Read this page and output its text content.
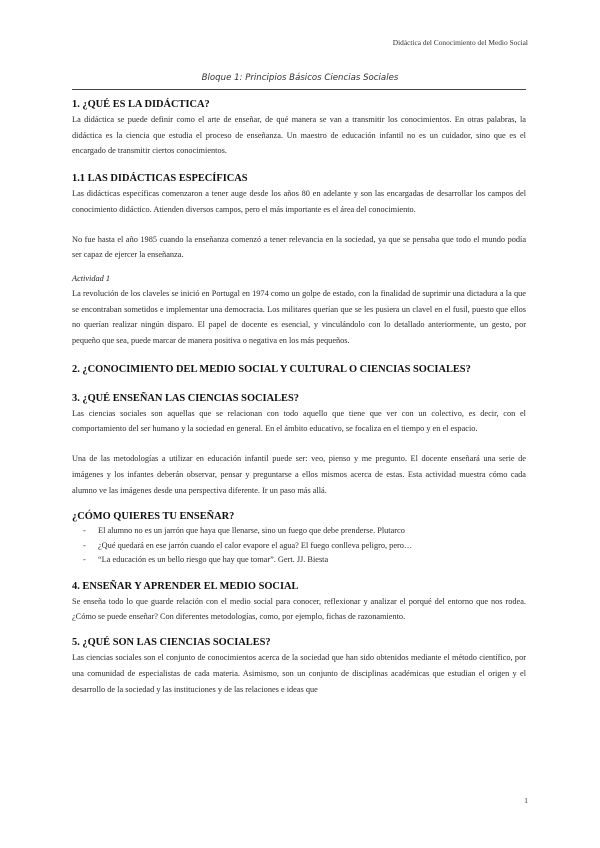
Didáctica del Conocimiento del Medio Social
Bloque 1: Principios Básicos Ciencias Sociales
1. ¿QUÉ ES LA DIDÁCTICA?

La didáctica se puede definir como el arte de enseñar, de qué manera se van a transmitir los conocimientos. En otras palabras, la didáctica es la ciencia que estudia el proceso de enseñanza. Un maestro de educación infantil no es un cuidador, sino que es el encargado de transmitir ciertos conocimientos.

1.1 LAS DIDÁCTICAS ESPECÍFICAS

Las didácticas específicas comenzaron a tener auge desde los años 80 en adelante y son las encargadas de desarrollar los campos del conocimiento didáctico. Atienden diversos campos, pero el más importante es el área del conocimiento.

No fue hasta el año 1985 cuando la enseñanza comenzó a tener relevancia en la sociedad, ya que se pensaba que todo el mundo podía ser capaz de ejercer la enseñanza.

Actividad 1

La revolución de los claveles se inició en Portugal en 1974 como un golpe de estado, con la finalidad de suprimir una dictadura a la que se encontraban sometidos e implementar una democracia. Los militares querían que se les pusiera un clavel en el fusil, puesto que ellos no querían realizar ningún disparo. El papel de docente es esencial, y vinculándolo con lo detallado anteriormente, un gesto, por pequeño que sea, puede marcar de manera positiva o negativa en los más pequeños.

2. ¿CONOCIMIENTO DEL MEDIO SOCIAL Y CULTURAL O CIENCIAS SOCIALES?
3. ¿QUÉ ENSEÑAN LAS CIENCIAS SOCIALES?

Las ciencias sociales son aquellas que se relacionan con todo aquello que tiene que ver con un colectivo, es decir, con el comportamiento del ser humano y la sociedad en general. En el ámbito educativo, se focaliza en el tiempo y en el espacio.

Una de las metodologías a utilizar en educación infantil puede ser: veo, pienso y me pregunto. El docente enseñará una serie de imágenes y los infantes deberán observar, pensar y preguntarse a ellos mismos acerca de estas. Esta actividad muestra cómo cada alumno ve las imágenes desde una perspectiva diferente. Ir un paso más allá.

¿CÓMO QUIERES TU ENSEÑAR?
- El alumno no es un jarrón que haya que llenarse, sino un fuego que debe prenderse. Plutarco
- ¿Qué quedará en ese jarrón cuando el calor evapore el agua? El fuego conlleva peligro, pero…
- “La educación es un bello riesgo que hay que tomar”. Gert. JJ. Biesta
4. ENSEÑAR Y APRENDER EL MEDIO SOCIAL

Se enseña todo lo que guarde relación con el medio social para conocer, reflexionar y analizar el porqué del entorno que nos rodea. ¿Cómo se puede enseñar? Con diferentes metodologías, como, por ejemplo, fichas de razonamiento.

5. ¿QUÉ SON LAS CIENCIAS SOCIALES?

Las ciencias sociales son el conjunto de conocimientos acerca de la sociedad que han sido obtenidos mediante el método científico, por una comunidad de especialistas de cada materia. Asimismo, son un conjunto de disciplinas académicas que estudian el origen y el desarrollo de la sociedad y las instituciones y de las relaciones e ideas que

1
